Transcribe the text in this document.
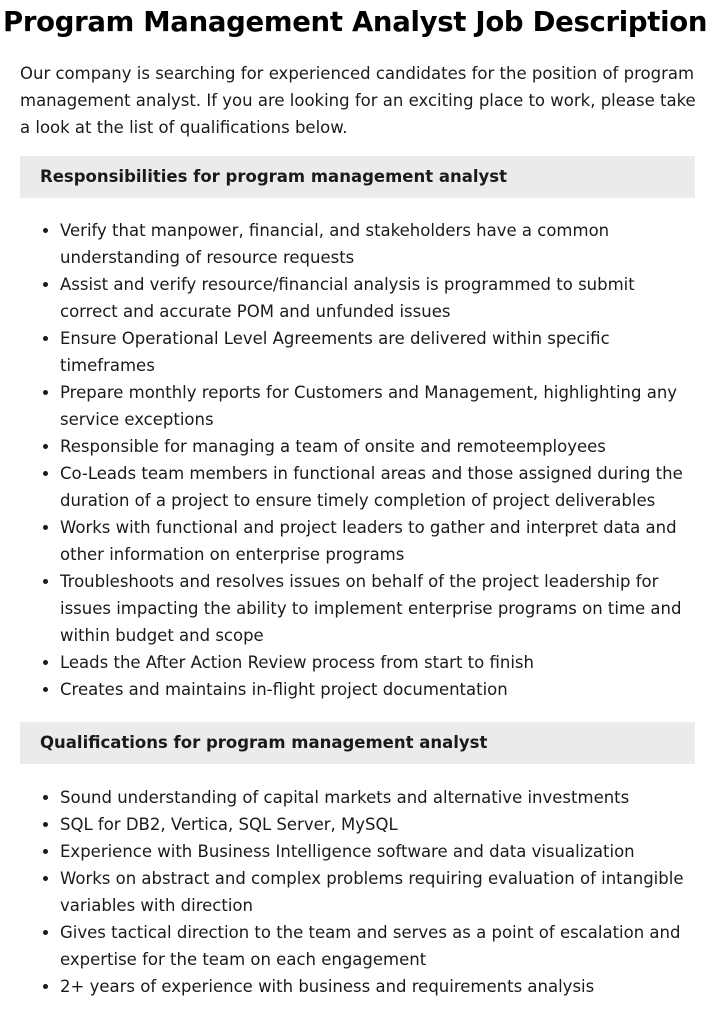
Program Management Analyst Job Description

Our company is searching for experienced candidates for the position of program management analyst. If you are looking for an exciting place to work, please take a look at the list of qualifications below.

Responsibilities for program management analyst
• Verify that manpower, financial, and stakeholders have a common understanding of resource requests
• Assist and verify resource/financial analysis is programmed to submit correct and accurate POM and unfunded issues
• Ensure Operational Level Agreements are delivered within specific timeframes
• Prepare monthly reports for Customers and Management, highlighting any service exceptions
• Responsible for managing a team of onsite and remoteemployees
• Co-Leads team members in functional areas and those assigned during the duration of a project to ensure timely completion of project deliverables
• Works with functional and project leaders to gather and interpret data and other information on enterprise programs
• Troubleshoots and resolves issues on behalf of the project leadership for issues impacting the ability to implement enterprise programs on time and within budget and scope
• Leads the After Action Review process from start to finish
• Creates and maintains in-flight project documentation
Qualifications for program management analyst
• Sound understanding of capital markets and alternative investments
• SQL for DB2, Vertica, SQL Server, MySQL
• Experience with Business Intelligence software and data visualization
• Works on abstract and complex problems requiring evaluation of intangible variables with direction
• Gives tactical direction to the team and serves as a point of escalation and expertise for the team on each engagement
• 2+ years of experience with business and requirements analysis
